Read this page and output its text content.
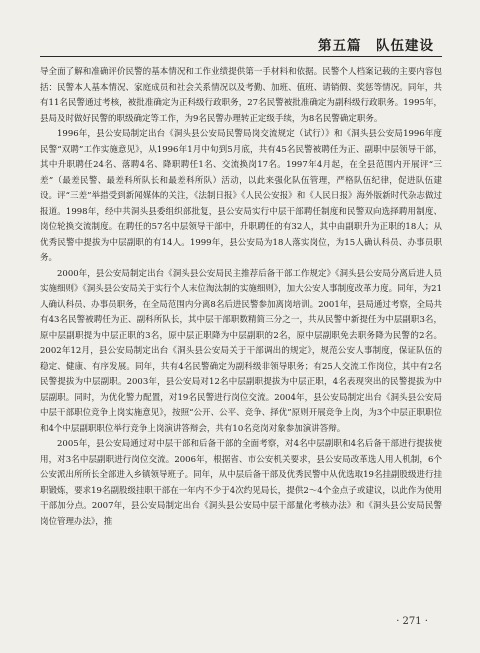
第五篇　队伍建设

导全面了解和准确评价民警的基本情况和工作业绩提供第一手材料和依据。民警个人档案记载的主要内容包括：民警本人基本情况、家庭成员和社会关系情况以及考勤、加班、值班、请销假、奖惩等情况。同年，共有11名民警通过考核，被批准确定为正科级行政职务，27名民警被批准确定为副科级行政职务。1995年，县局及时做好民警的职级确定等工作，为9名民警办理转正定级手续，为8名民警确定职务。

1996年，县公安局制定出台《洞头县公安局民警局岗交流规定（试行）》和《洞头县公安局1996年度民警“双聘”工作实施意见》，从1996年1月中旬到5月底，共有45名民警被聘任为正、副职中层领导干部，其中升职聘任24名、落聘4名、降职聘任1名、交流换岗17名。1997年4月起，在全县范围内开展评“三差”（最差民警、最差科所队长和最差科所队）活动，以此来强化队伍管理，严格队伍纪律，促进队伍建设。评“三差”举措受到新闻媒体的关注，《法制日报》《人民公安报》和《人民日报》海外版新时代杂志做过报道。1998年，经中共洞头县委组织部批复，县公安局实行中层干部聘任制度和民警双向选择聘用制度、岗位轮换交流制度。在聘任的57名中层领导干部中，升职聘任的有32人，其中由副职升为正职的18人；从优秀民警中提拔为中层副职的有14人。1999年，县公安局为18人落实岗位，为15人确认科员、办事员职务。

2000年，县公安局制定出台《洞头县公安局民主推荐后备干部工作规定》《洞头县公安局分离后进人员实施细则》《洞头县公安局关于实行个人末位淘汰制的实施细则》，加大公安人事制度改革力度。同年，为21人确认科员、办事员职务，在全局范围内分离8名后进民警参加离岗培训。2001年，县局通过考察，全局共有43名民警被聘任为正、副科所队长，其中层干部职数精简三分之一，共从民警中新提任为中层副职3名，原中层副职提为中层正职的3名，原中层正职降为中层副职的2名，原中层副职免去职务降为民警的2名。2002年12月，县公安局制定出台《洞头县公安局关于干部调出的规定》，规范公安人事制度，保证队伍的稳定、健康、有序发展。同年，共有4名民警确定为副科级非领导职务；有25人交流工作岗位，其中有2名民警提拔为中层副职。2003年，县公安局对12名中层副职提拔为中层正职，4名表现突出的民警提拔为中层副职。同时，为优化警力配置，对19名民警进行岗位交流。2004年，县公安局制定出台《洞头县公安局中层干部职位竞争上岗实施意见》，按照“公开、公平、竞争、择优”原则开展竞争上岗，为3个中层正职职位和4个中层副职职位举行竞争上岗演讲答辩会，共有10名竞岗对象参加演讲答辩。

2005年，县公安局通过对中层干部和后备干部的全面考察，对4名中层副职和4名后备干部进行提拔使用，对3名中层副职进行岗位交流。2006年，根据省、市公安机关要求，县公安局改革选人用人机制，6个公安派出所所长全部进入乡镇领导班子。同年，从中层后备干部及优秀民警中从优选取19名挂副股级进行挂职锻炼，要求19名副股级挂职干部在一年内不少于4次约见局长，提供2～4个金点子或建议，以此作为使用干部加分点。2007年，县公安局制定出台《洞头县公安局中层干部量化考核办法》和《洞头县公安局民警岗位管理办法》，推

· 271 ·
